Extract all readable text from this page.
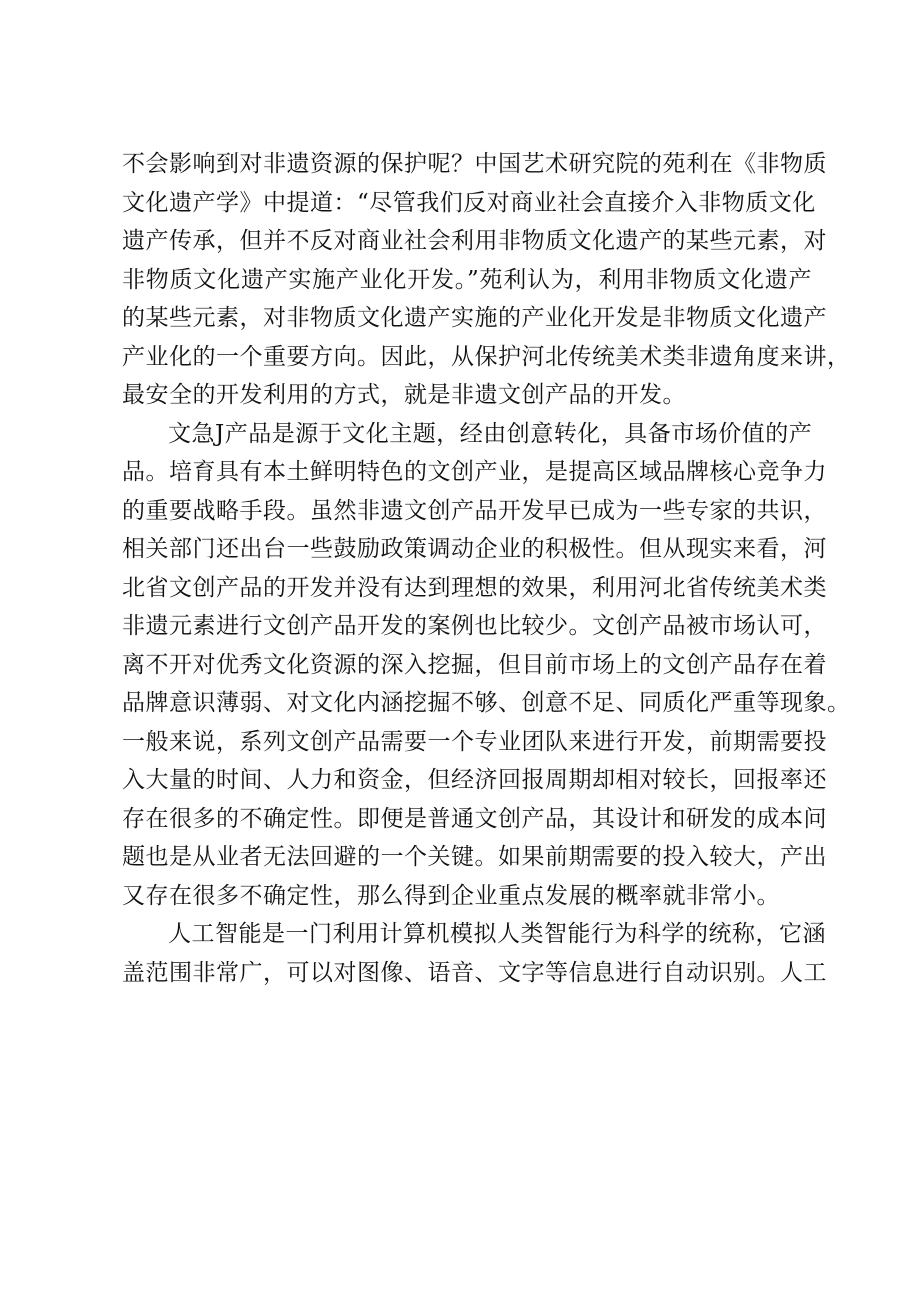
不会影响到对非遗资源的保护呢？中国艺术研究院的苑利在《非物质
文化遗产学》中提道：“尽管我们反对商业社会直接介入非物质文化
遗产传承，但并不反对商业社会利用非物质文化遗产的某些元素，对
非物质文化遗产实施产业化开发。”苑利认为，利用非物质文化遗产
的某些元素，对非物质文化遗产实施的产业化开发是非物质文化遗产
产业化的一个重要方向。因此，从保护河北传统美术类非遗角度来讲，
最安全的开发利用的方式，就是非遗文创产品的开发。
文急J产品是源于文化主题，经由创意转化，具备市场价值的产
品。培育具有本土鲜明特色的文创产业，是提高区域品牌核心竞争力
的重要战略手段。虽然非遗文创产品开发早已成为一些专家的共识，
相关部门还出台一些鼓励政策调动企业的积极性。但从现实来看，河
北省文创产品的开发并没有达到理想的效果，利用河北省传统美术类
非遗元素进行文创产品开发的案例也比较少。文创产品被市场认可，
离不开对优秀文化资源的深入挖掘，但目前市场上的文创产品存在着
品牌意识薄弱、对文化内涵挖掘不够、创意不足、同质化严重等现象。
一般来说，系列文创产品需要一个专业团队来进行开发，前期需要投
入大量的时间、人力和资金，但经济回报周期却相对较长，回报率还
存在很多的不确定性。即便是普通文创产品，其设计和研发的成本问
题也是从业者无法回避的一个关键。如果前期需要的投入较大，产出
又存在很多不确定性，那么得到企业重点发展的概率就非常小。
人工智能是一门利用计算机模拟人类智能行为科学的统称，它涵
盖范围非常广，可以对图像、语音、文字等信息进行自动识别。人工
